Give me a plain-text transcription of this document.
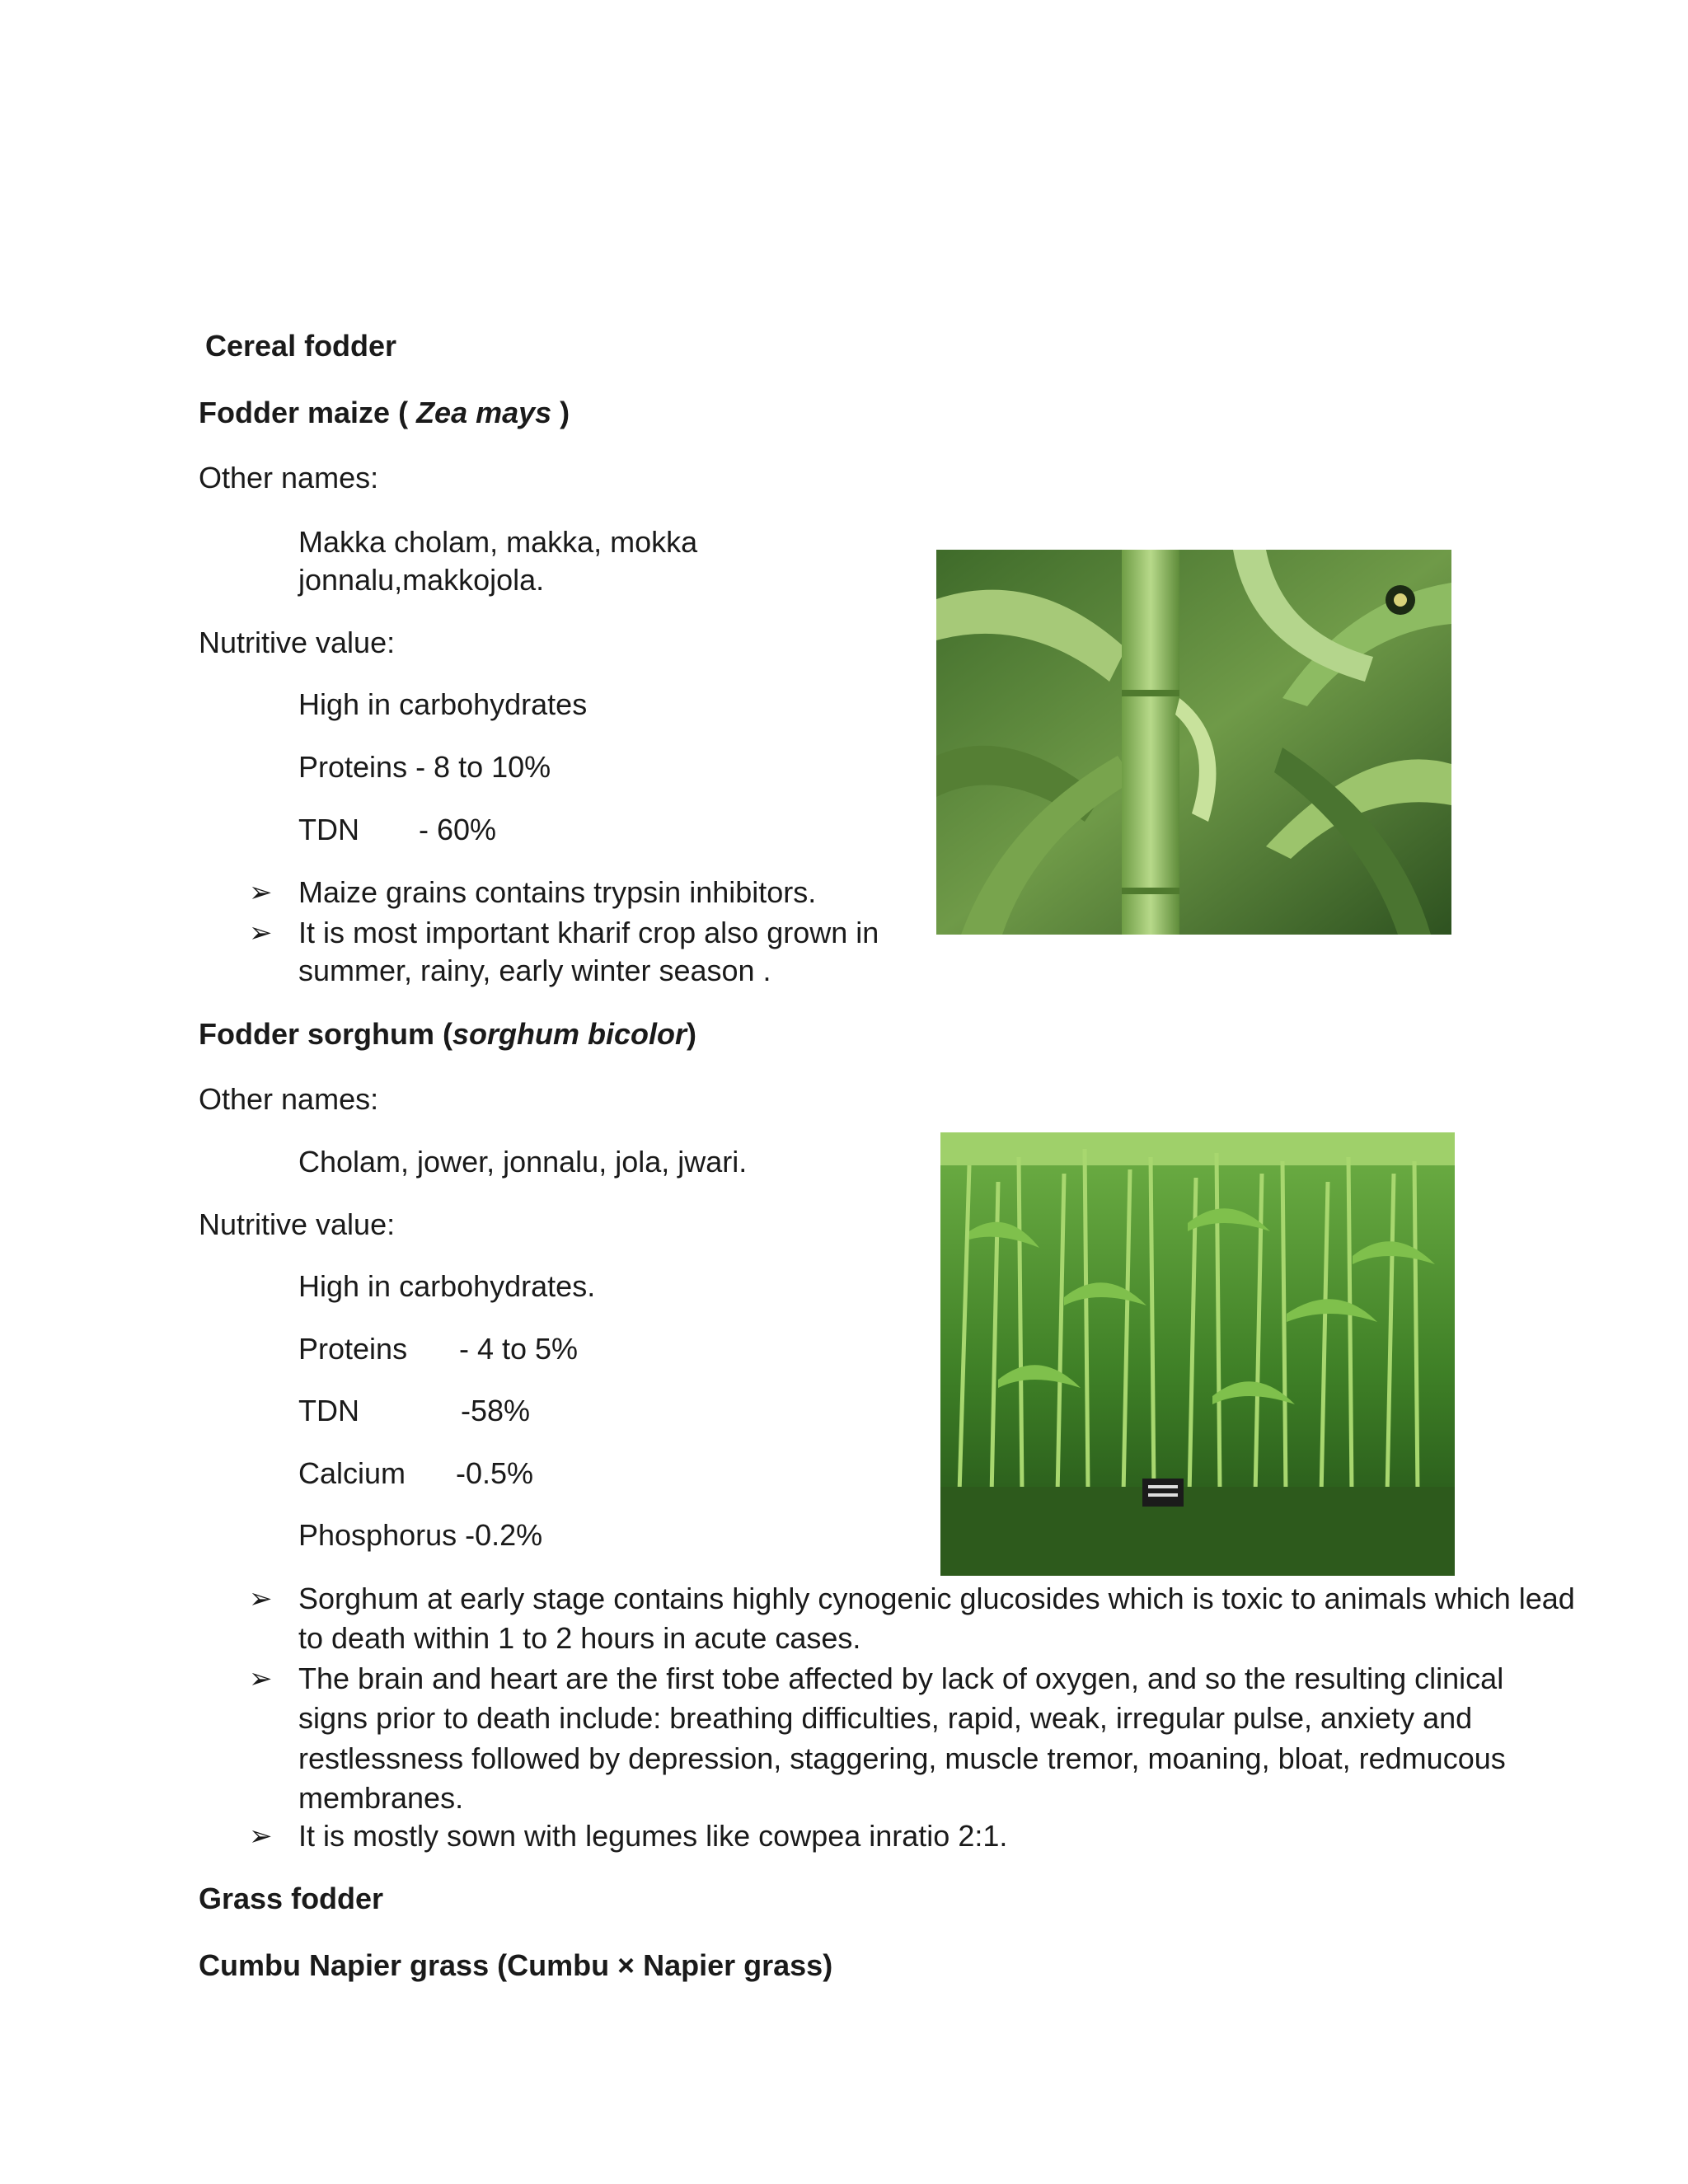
Cereal fodder
Fodder maize ( Zea mays )
Other names:
Makka cholam, makka, mokka
jonnalu,makkojola.
Nutritive value:
High in carbohydrates
Proteins - 8 to 10%
TDN - 60%
➢ Maize grains contains trypsin inhibitors.
➢ It is most important kharif crop also grown in
summer, rainy, early winter season .
Fodder sorghum (sorghum bicolor)
Other names:
Cholam, jower, jonnalu, jola, jwari.
Nutritive value:
High in carbohydrates.
Proteins - 4 to 5%
TDN	-58%
Calcium -0.5%
Phosphorus -0.2%
➢ Sorghum at early stage contains highly cynogenic glucosides which is toxic to animals which lead
to death within 1 to 2 hours in acute cases.
➢ The brain and heart are the first tobe affected by lack of oxygen, and so the resulting clinical
signs prior to death include: breathing difficulties, rapid, weak, irregular pulse, anxiety and
restlessness followed by depression, staggering, muscle tremor, moaning, bloat, redmucous
membranes.
➢ It is mostly sown with legumes like cowpea inratio 2:1.
Grass fodder
Cumbu Napier grass (Cumbu × Napier grass)
